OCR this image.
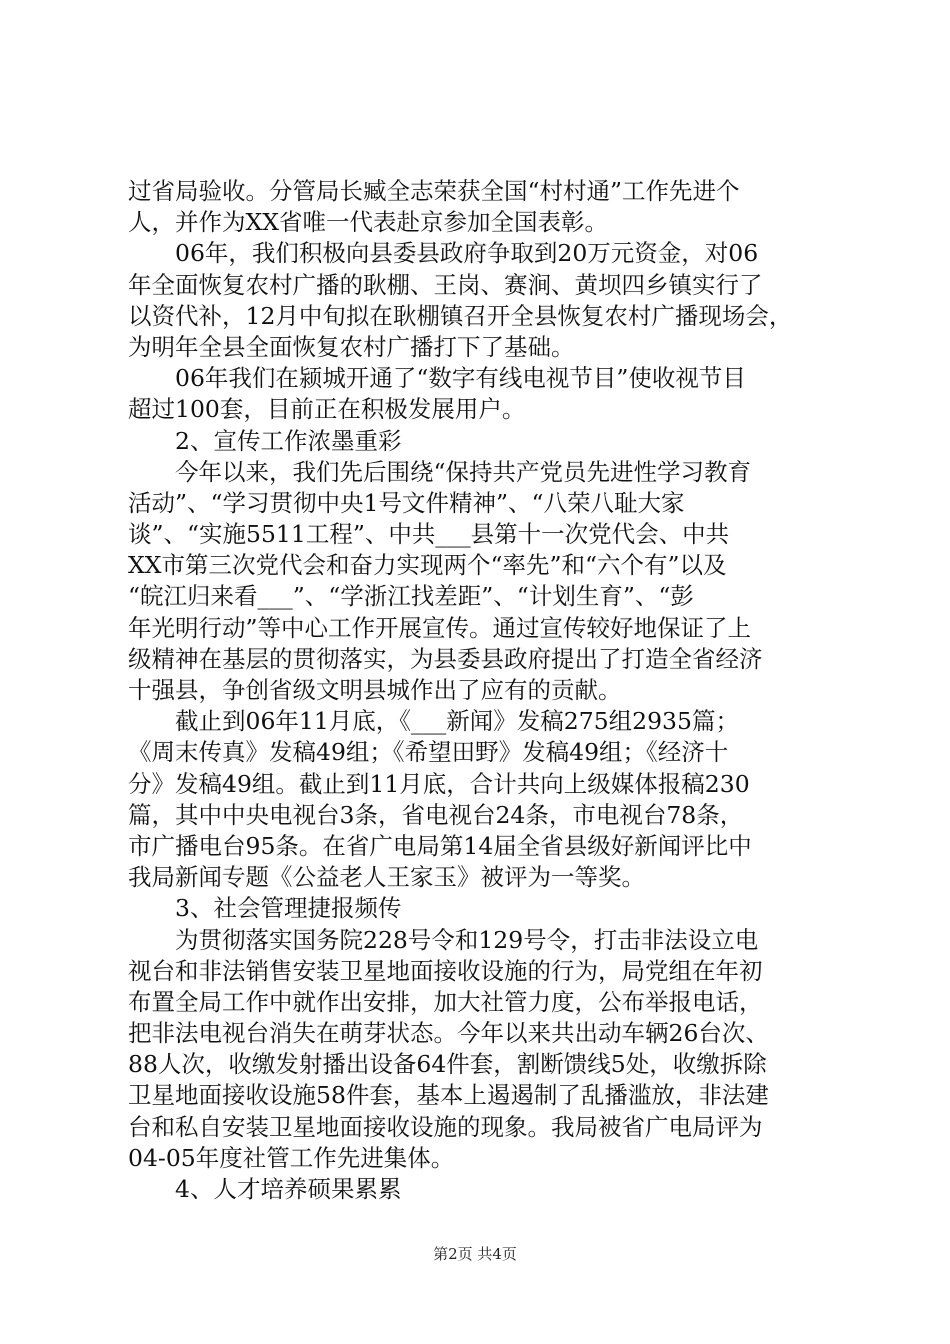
过省局验收。分管局长臧全志荣获全国“村村通”工作先进个
人，并作为XX省唯一代表赴京参加全国表彰。
　　06年，我们积极向县委县政府争取到20万元资金，对06
年全面恢复农村广播的耿棚、王岗、赛涧、黄坝四乡镇实行了
以资代补，12月中旬拟在耿棚镇召开全县恢复农村广播现场会，
为明年全县全面恢复农村广播打下了基础。
　　06年我们在颍城开通了“数字有线电视节目”使收视节目
超过100套，目前正在积极发展用户。
　　2、宣传工作浓墨重彩
　　今年以来，我们先后围绕“保持共产党员先进性学习教育
活动”、“学习贯彻中央1号文件精神”、“八荣八耻大家
谈”、“实施5511工程”、中共___县第十一次党代会、中共
XX市第三次党代会和奋力实现两个“率先”和“六个有”以及
“皖江归来看___”、“学浙江找差距”、“计划生育”、“彭
年光明行动”等中心工作开展宣传。通过宣传较好地保证了上
级精神在基层的贯彻落实，为县委县政府提出了打造全省经济
十强县，争创省级文明县城作出了应有的贡献。
　　截止到06年11月底，《___新闻》发稿275组2935篇；
《周末传真》发稿49组；《希望田野》发稿49组；《经济十
分》发稿49组。截止到11月底，合计共向上级媒体报稿230
篇，其中中央电视台3条，省电视台24条，市电视台78条，
市广播电台95条。在省广电局第14届全省县级好新闻评比中
我局新闻专题《公益老人王家玉》被评为一等奖。
　　3、社会管理捷报频传
　　为贯彻落实国务院228号令和129号令，打击非法设立电
视台和非法销售安装卫星地面接收设施的行为，局党组在年初
布置全局工作中就作出安排，加大社管力度，公布举报电话，
把非法电视台消失在萌芽状态。今年以来共出动车辆26台次、
88人次，收缴发射播出设备64件套，割断馈线5处，收缴拆除
卫星地面接收设施58件套，基本上遏遏制了乱播滥放，非法建
台和私自安装卫星地面接收设施的现象。我局被省广电局评为
04-05年度社管工作先进集体。
　　4、人才培养硕果累累
第2页 共4页
